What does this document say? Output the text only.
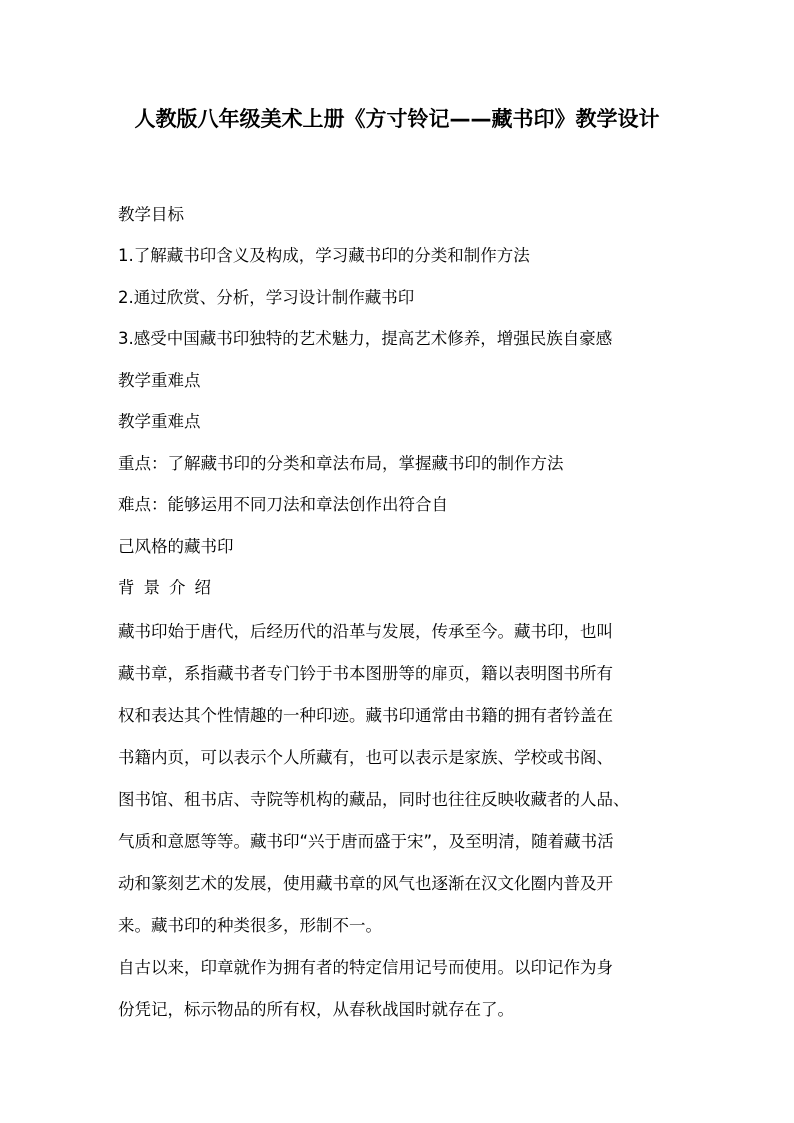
人教版八年级美术上册《方寸铃记——藏书印》教学设计
教学目标
1.了解藏书印含义及构成，学习藏书印的分类和制作方法
2.通过欣赏、分析，学习设计制作藏书印
3.感受中国藏书印独特的艺术魅力，提高艺术修养，增强民族自豪感
教学重难点
教学重难点
重点：了解藏书印的分类和章法布局，掌握藏书印的制作方法
难点：能够运用不同刀法和章法创作出符合自
己风格的藏书印
背景介绍
藏书印始于唐代，后经历代的沿革与发展，传承至今。藏书印，也叫
藏书章，系指藏书者专门钤于书本图册等的扉页，籍以表明图书所有
权和表达其个性情趣的一种印迹。藏书印通常由书籍的拥有者钤盖在
书籍内页，可以表示个人所藏有，也可以表示是家族、学校或书阁、
图书馆、租书店、寺院等机构的藏品，同时也往往反映收藏者的人品、
气质和意愿等等。藏书印“兴于唐而盛于宋”，及至明清，随着藏书活
动和篆刻艺术的发展，使用藏书章的风气也逐渐在汉文化圈内普及开
来。藏书印的种类很多，形制不一。
自古以来，印章就作为拥有者的特定信用记号而使用。以印记作为身
份凭记，标示物品的所有权，从春秋战国时就存在了。
